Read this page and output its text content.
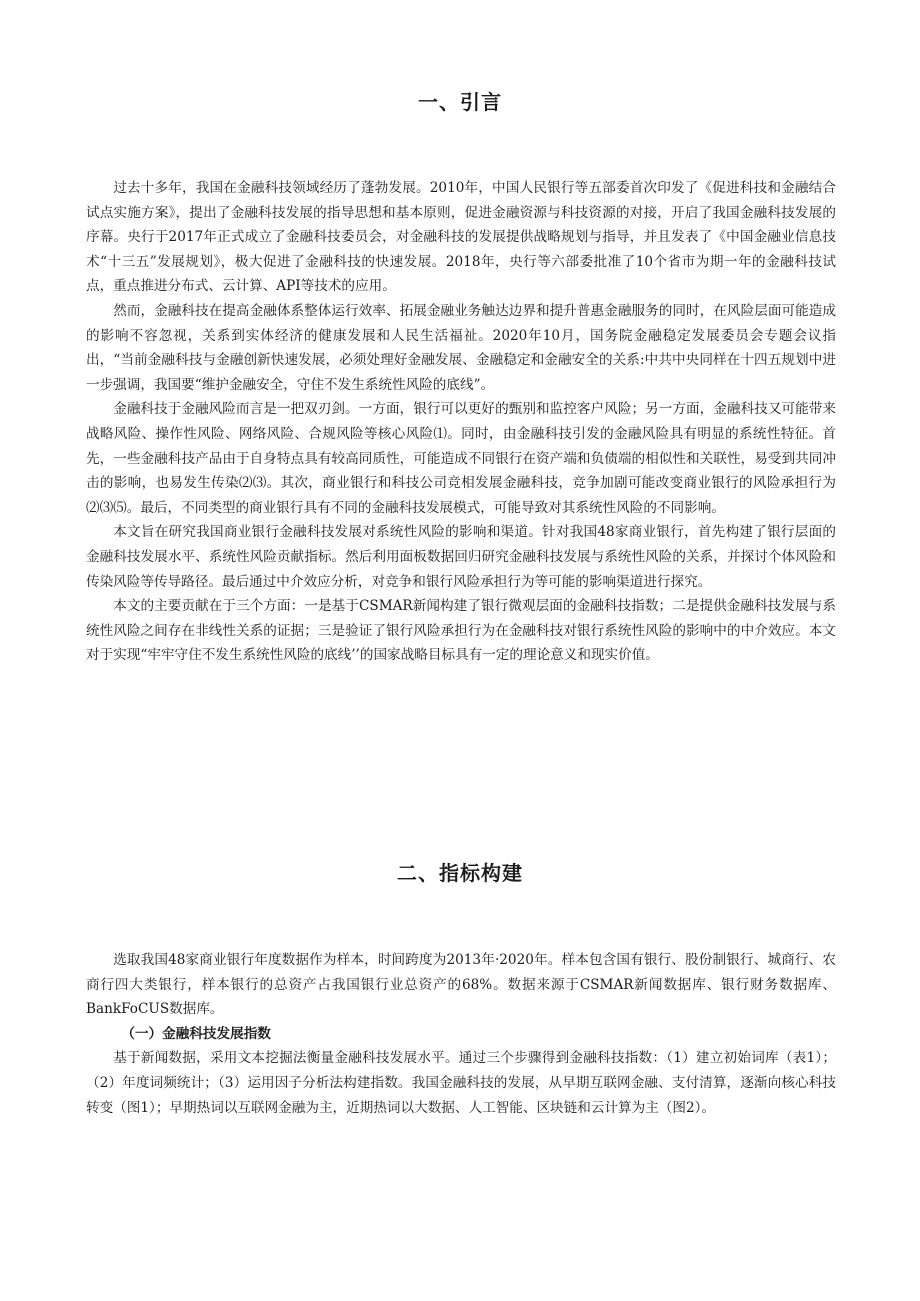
一、引言

过去十多年，我国在金融科技领域经历了蓬勃发展。2010年，中国人民银行等五部委首次印发了《促进科技和金融结合试点实施方案》，提出了金融科技发展的指导思想和基本原则，促进金融资源与科技资源的对接，开启了我国金融科技发展的序幕。央行于2017年正式成立了金融科技委员会，对金融科技的发展提供战略规划与指导，并且发表了《中国金融业信息技术“十三五”发展规划》，极大促进了金融科技的快速发展。2018年，央行等六部委批准了10个省市为期一年的金融科技试点，重点推进分布式、云计算、API等技术的应用。

然而，金融科技在提高金融体系整体运行效率、拓展金融业务触达边界和提升普惠金融服务的同时，在风险层面可能造成的影响不容忽视，关系到实体经济的健康发展和人民生活福祉。2020年10月，国务院金融稳定发展委员会专题会议指出，“当前金融科技与金融创新快速发展，必须处理好金融发展、金融稳定和金融安全的关系:中共中央同样在十四五规划中进一步强调，我国要“维护金融安全，守住不发生系统性风险的底线”。

金融科技于金融风险而言是一把双刃剑。一方面，银行可以更好的甄别和监控客户风险；另一方面，金融科技又可能带来战略风险、操作性风险、网络风险、合规风险等核心风险⑴。同时，由金融科技引发的金融风险具有明显的系统性特征。首先，一些金融科技产品由于自身特点具有较高同质性，可能造成不同银行在资产端和负债端的相似性和关联性，易受到共同冲击的影响，也易发生传染⑵⑶。其次，商业银行和科技公司竞相发展金融科技，竞争加剧可能改变商业银行的风险承担行为⑵⑶⑸。最后，不同类型的商业银行具有不同的金融科技发展模式，可能导致对其系统性风险的不同影响。

本文旨在研究我国商业银行金融科技发展对系统性风险的影响和渠道。针对我国48家商业银行，首先构建了银行层面的金融科技发展水平、系统性风险贡献指标。然后利用面板数据回归研究金融科技发展与系统性风险的关系，并探讨个体风险和传染风险等传导路径。最后通过中介效应分析，对竞争和银行风险承担行为等可能的影响渠道进行探究。

本文的主要贡献在于三个方面：一是基于CSMAR新闻构建了银行微观层面的金融科技指数；二是提供金融科技发展与系统性风险之间存在非线性关系的证据；三是验证了银行风险承担行为在金融科技对银行系统性风险的影响中的中介效应。本文对于实现“牢牢守住不发生系统性风险的底线’’的国家战略目标具有一定的理论意义和现实价值。

二、指标构建

选取我国48家商业银行年度数据作为样本，时间跨度为2013年·2020年。样本包含国有银行、股份制银行、城商行、农商行四大类银行，样本银行的总资产占我国银行业总资产的68%。数据来源于CSMAR新闻数据库、银行财务数据库、BankFoCUS数据库。

（一）金融科技发展指数

基于新闻数据，采用文本挖掘法衡量金融科技发展水平。通过三个步骤得到金融科技指数：（1）建立初始词库（表1）；（2）年度词频统计；（3）运用因子分析法构建指数。我国金融科技的发展，从早期互联网金融、支付清算，逐渐向核心科技转变（图1）；早期热词以互联网金融为主，近期热词以大数据、人工智能、区块链和云计算为主（图2）。
